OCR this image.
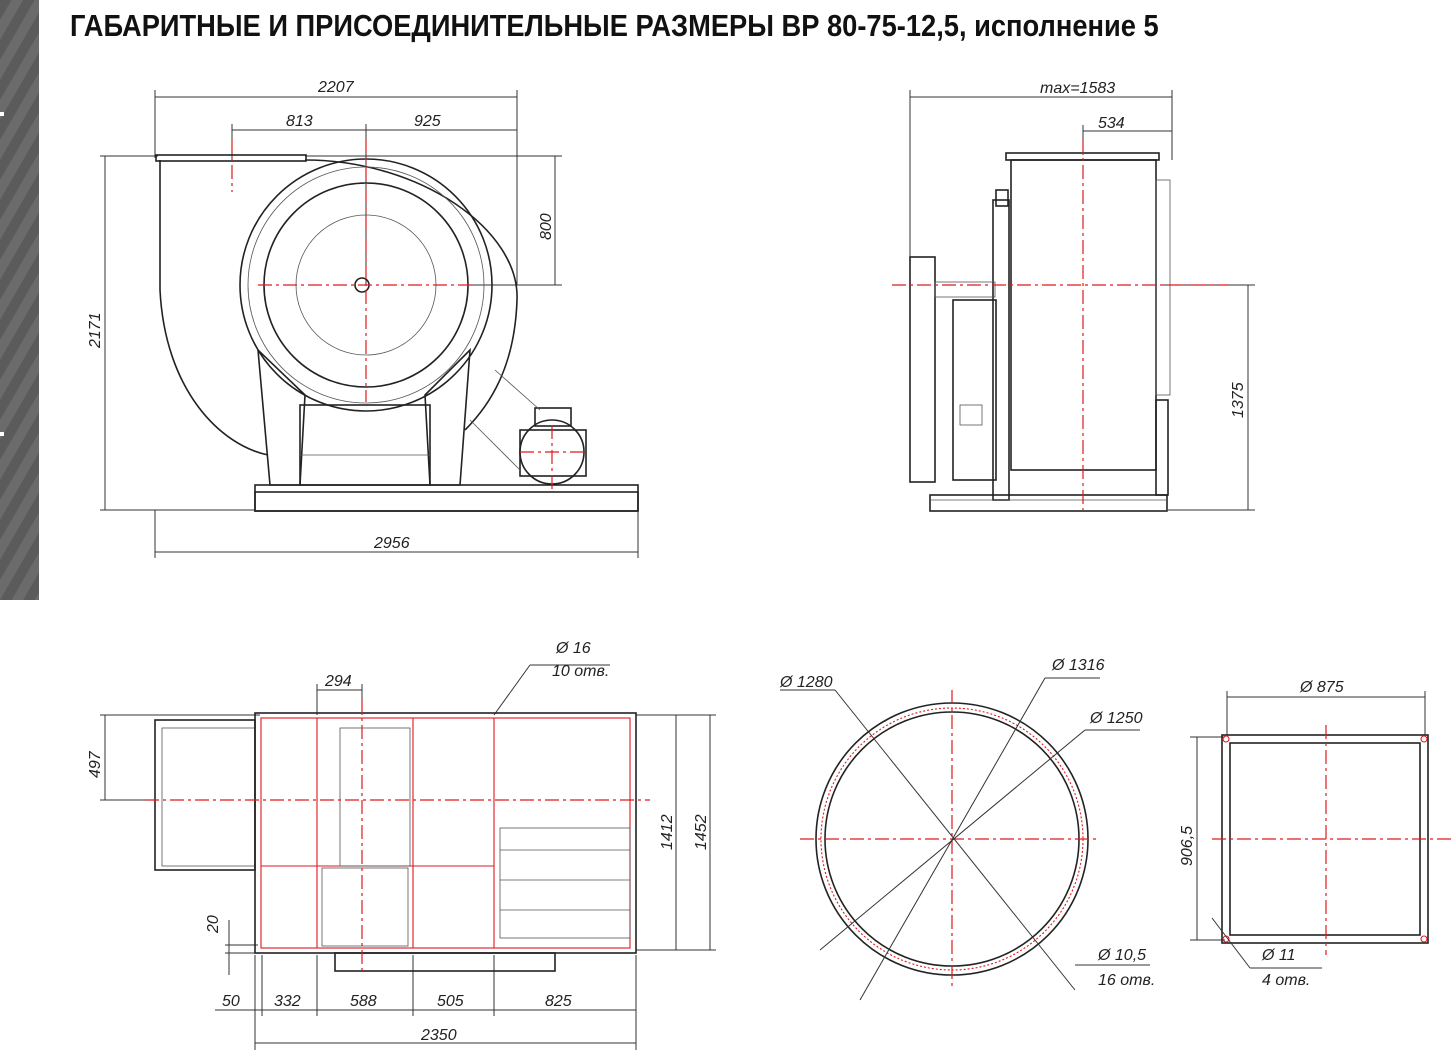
ГАБАРИТНЫЕ И ПРИСОЕДИНИТЕЛЬНЫЕ РАЗМЕРЫ ВР 80-75-12,5, исполнение 5
2207
813	925
800
2171
2956
max=1583
534
1375
294
Ø 16
10 отв.
497
1412 1452
20
50 332	588	505	825
2350
Ø 1280
Ø 1316
Ø 1250
Ø 10,5
16 отв.
Ø 875
906,5
Ø 11
4 отв.
